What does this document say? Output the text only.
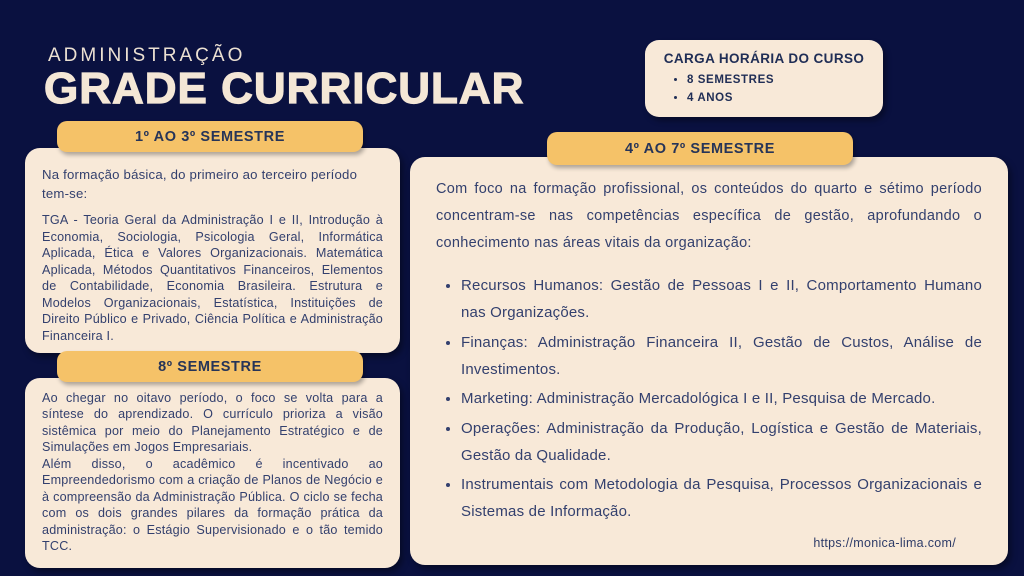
ADMINISTRAÇÃO
GRADE CURRICULAR
CARGA HORÁRIA DO CURSO
• 8 SEMESTRES
• 4 ANOS
1º AO 3º SEMESTRE

Na formação básica, do primeiro ao terceiro período tem-se:

TGA - Teoria Geral da Administração I e II, Introdução à Economia, Sociologia, Psicologia Geral, Informática Aplicada, Ética e Valores Organizacionais. Matemática Aplicada, Métodos Quantitativos Financeiros, Elementos de Contabilidade, Economia Brasileira. Estrutura e Modelos Organizacionais, Estatística, Instituições de Direito Público e Privado, Ciência Política e Administração Financeira I.

8º SEMESTRE

Ao chegar no oitavo período, o foco se volta para a síntese do aprendizado. O currículo prioriza a visão sistêmica por meio do Planejamento Estratégico e de Simulações em Jogos Empresariais.

Além disso, o acadêmico é incentivado ao Empreendedorismo com a criação de Planos de Negócio e à compreensão da Administração Pública. O ciclo se fecha com os dois grandes pilares da formação prática da administração: o Estágio Supervisionado e o tão temido TCC.

4º AO 7º SEMESTRE

Com foco na formação profissional, os conteúdos do quarto e sétimo período concentram-se nas competências específica de gestão, aprofundando o conhecimento nas áreas vitais da organização:

• Recursos Humanos: Gestão de Pessoas I e II, Comportamento Humano nas Organizações.
• Finanças: Administração Financeira II, Gestão de Custos, Análise de Investimentos.
• Marketing: Administração Mercadológica I e II, Pesquisa de Mercado.
• Operações: Administração da Produção, Logística e Gestão de Materiais, Gestão da Qualidade.
• Instrumentais com Metodologia da Pesquisa, Processos Organizacionais e Sistemas de Informação.
https://monica-lima.com/
